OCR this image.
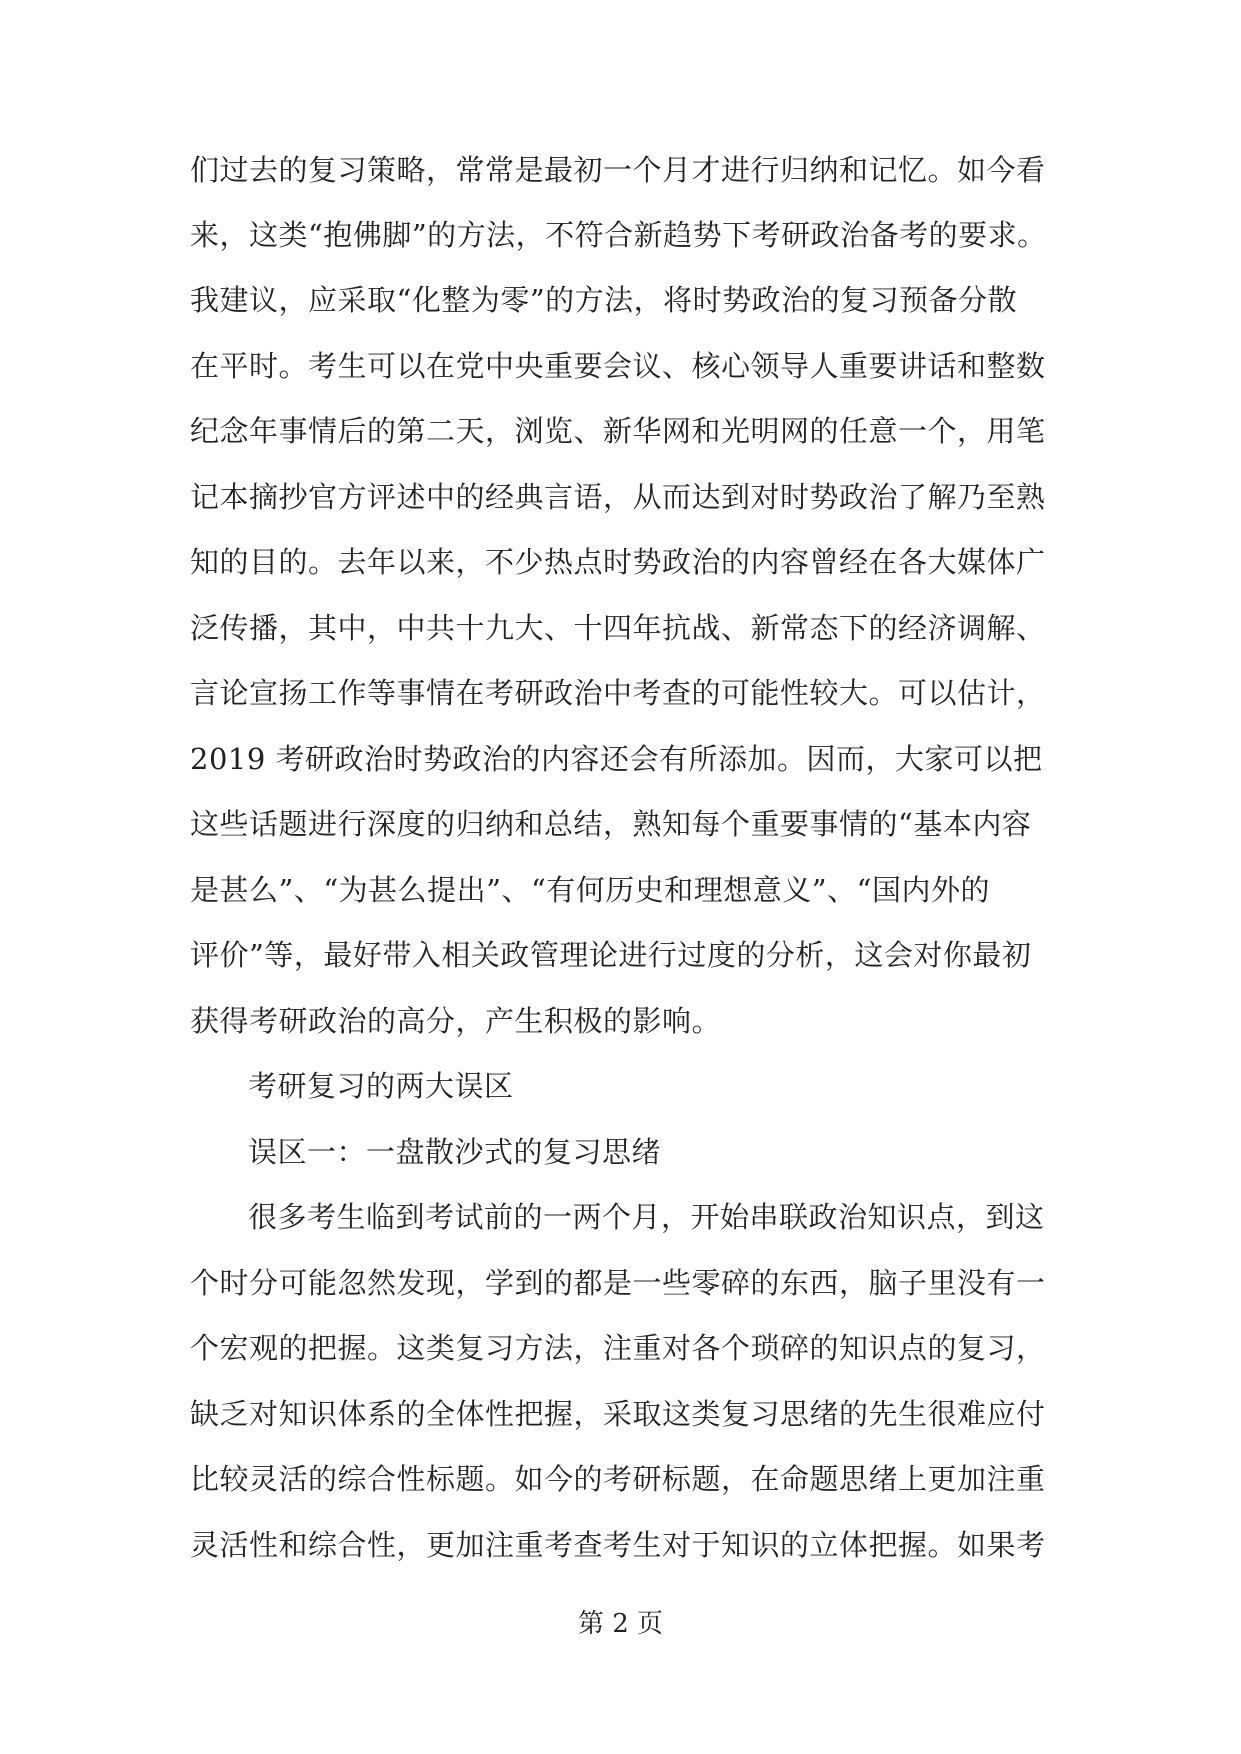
们过去的复习策略，常常是最初一个月才进行归纳和记忆。如今看
来，这类“抱佛脚”的方法，不符合新趋势下考研政治备考的要求。
我建议，应采取“化整为零”的方法，将时势政治的复习预备分散
在平时。考生可以在党中央重要会议、核心领导人重要讲话和整数
纪念年事情后的第二天，浏览、新华网和光明网的任意一个，用笔
记本摘抄官方评述中的经典言语，从而达到对时势政治了解乃至熟
知的目的。去年以来，不少热点时势政治的内容曾经在各大媒体广
泛传播，其中，中共十九大、十四年抗战、新常态下的经济调解、
言论宣扬工作等事情在考研政治中考查的可能性较大。可以估计，
2019 考研政治时势政治的内容还会有所添加。因而，大家可以把
这些话题进行深度的归纳和总结，熟知每个重要事情的“基本内容
是甚么”、“为甚么提出”、“有何历史和理想意义”、“国内外的
评价”等，最好带入相关政管理论进行过度的分析，这会对你最初
获得考研政治的高分，产生积极的影响。
考研复习的两大误区
误区一：一盘散沙式的复习思绪
很多考生临到考试前的一两个月，开始串联政治知识点，到这
个时分可能忽然发现，学到的都是一些零碎的东西，脑子里没有一
个宏观的把握。这类复习方法，注重对各个琐碎的知识点的复习，
缺乏对知识体系的全体性把握，采取这类复习思绪的先生很难应付
比较灵活的综合性标题。如今的考研标题，在命题思绪上更加注重
灵活性和综合性，更加注重考查考生对于知识的立体把握。如果考
第 2 页
